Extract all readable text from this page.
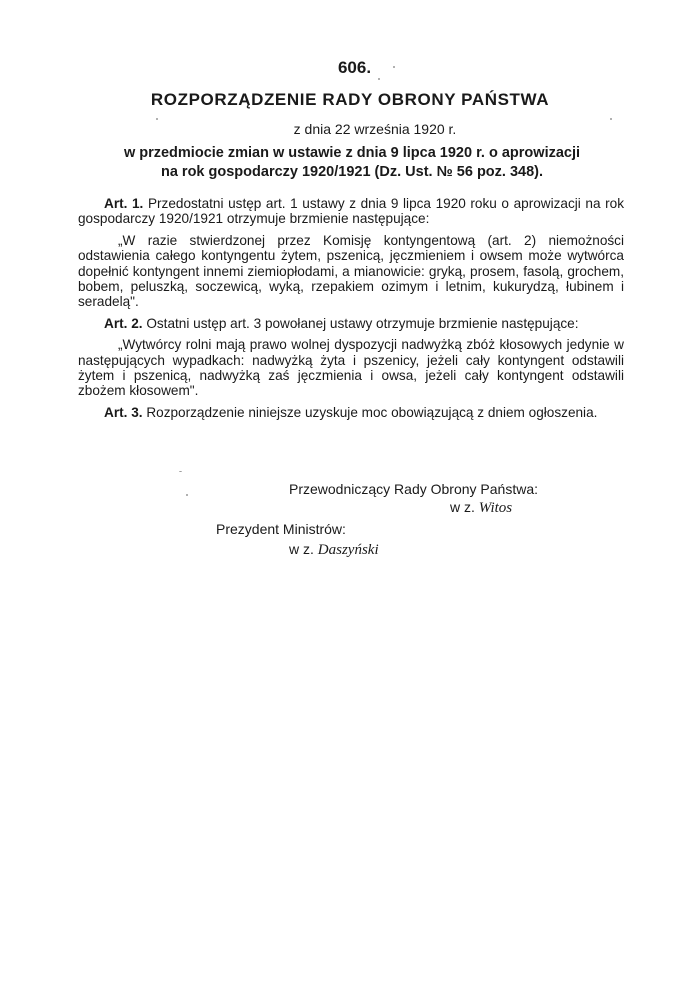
606.
ROZPORZĄDZENIE RADY OBRONY PAŃSTWA
z dnia 22 września 1920 r.
w przedmiocie zmian w ustawie z dnia 9 lipca 1920 r. o aprowizacji
na rok gospodarczy 1920/1921 (Dz. Ust. № 56 poz. 348).

Art. 1. Przedostatni ustęp art. 1 ustawy z dnia 9 lipca 1920 roku o aprowizacji na rok gospodarczy 1920/1921 otrzymuje brzmienie następujące:

„W razie stwierdzonej przez Komisję kontyngentową (art. 2) niemożności odstawienia całego kontyngentu żytem, pszenicą, jęczmieniem i owsem może wytwórca dopełnić kontyngent innemi ziemiopłodami, a mianowicie: gryką, prosem, fasolą, grochem, bobem, peluszką, soczewicą, wyką, rzepakiem ozimym i letnim, kukurydzą, łubinem i seradelą".

Art. 2. Ostatni ustęp art. 3 powołanej ustawy otrzymuje brzmienie następujące:

„Wytwórcy rolni mają prawo wolnej dyspozycji nadwyżką zbóż kłosowych jedynie w następujących wypadkach: nadwyżką żyta i pszenicy, jeżeli cały kontyngent odstawili żytem i pszenicą, nadwyżką zaś jęczmienia i owsa, jeżeli cały kontyngent odstawili zbożem kłosowem".

Art. 3. Rozporządzenie niniejsze uzyskuje moc obowiązującą z dniem ogłoszenia.

Przewodniczący Rady Obrony Państwa:
w z. Witos
Prezydent Ministrów:
w z. Daszyński
